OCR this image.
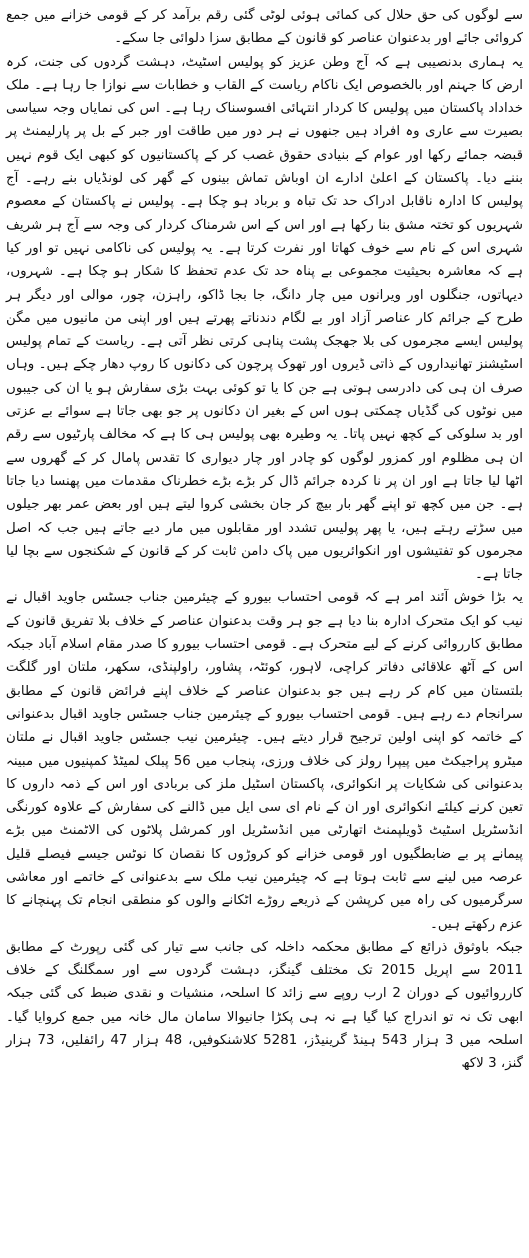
سے لوگوں کی حق حلال کی کمائی ہوئی لوٹی گئی رقم برآمد کر کے قومی خزانے میں جمع کروائی جائے اور بدعنوان عناصر کو قانون کے مطابق سزا دلوائی جا سکے۔

یہ ہماری بدنصیبی ہے کہ آج وطن عزیز کو پولیس اسٹیٹ، دہشت گردوں کی جنت، کرہ ارض کا جہنم اور بالخصوص ایک ناکام ریاست کے القاب و خطابات سے نوازا جا رہا ہے۔ ملک خداداد پاکستان میں پولیس کا کردار انتہائی افسوسناک رہا ہے۔ اس کی نمایاں وجہ سیاسی بصیرت سے عاری وہ افراد ہیں جنھوں نے ہر دور میں طاقت اور جبر کے بل پر پارلیمنٹ پر قبضہ جمائے رکھا اور عوام کے بنیادی حقوق غصب کر کے پاکستانیوں کو کبھی ایک قوم نہیں بننے دیا۔ پاکستان کے اعلیٰ ادارے ان اوباش تماش بینوں کے گھر کی لونڈیاں بنے رہے۔ آج پولیس کا ادارہ ناقابل ادراک حد تک تباہ و برباد ہو چکا ہے۔ پولیس نے پاکستان کے معصوم شہریوں کو تختہ مشق بنا رکھا ہے اور اس کے اس شرمناک کردار کی وجہ سے آج ہر شریف شہری اس کے نام سے خوف کھاتا اور نفرت کرتا ہے۔ یہ پولیس کی ناکامی نہیں تو اور کیا ہے کہ معاشرہ بحیثیت مجموعی بے پناہ حد تک عدم تحفظ کا شکار ہو چکا ہے۔ شہروں، دیہاتوں، جنگلوں اور ویرانوں میں چار دانگ، جا بجا ڈاکو، راہزن، چور، موالی اور دیگر ہر طرح کے جرائم کار عناصر آزاد اور بے لگام دندناتے پھرتے ہیں اور اپنی من مانیوں میں مگن پولیس ایسے مجرموں کی بلا جھجک پشت پناہی کرتی نظر آتی ہے۔ ریاست کے تمام پولیس اسٹیشنز تھانیداروں کے ذاتی ڈیروں اور تھوک پرچون کی دکانوں کا روپ دھار چکے ہیں۔ وہاں صرف ان ہی کی دادرسی ہوتی ہے جن کا یا تو کوئی بہت بڑی سفارش ہو یا ان کی جیبوں میں نوٹوں کی گڈیاں چمکتی ہوں اس کے بغیر ان دکانوں پر جو بھی جاتا ہے سوائے بے عزتی اور بد سلوکی کے کچھ نہیں پاتا۔ یہ وطیرہ بھی پولیس ہی کا ہے کہ مخالف پارٹیوں سے رقم ان ہی مظلوم اور کمزور لوگوں کو چادر اور چار دیواری کا تقدس پامال کر کے گھروں سے اٹھا لیا جاتا ہے اور ان پر نا کردہ جرائم ڈال کر بڑے بڑے خطرناک مقدمات میں پھنسا دیا جاتا ہے۔ جن میں کچھ تو اپنے گھر بار بیچ کر جان بخشی کروا لیتے ہیں اور بعض عمر بھر جیلوں میں سڑتے رہتے ہیں، یا پھر پولیس تشدد اور مقابلوں میں مار دیے جاتے ہیں جب کہ اصل مجرموں کو تفتیشوں اور انکوائریوں میں پاک دامن ثابت کر کے قانون کے شکنجوں سے بچا لیا جاتا ہے۔

یہ بڑا خوش آئند امر ہے کہ قومی احتساب بیورو کے چیئرمین جناب جسٹس جاوید اقبال نے نیب کو ایک متحرک ادارہ بنا دیا ہے جو ہر وقت بدعنوان عناصر کے خلاف بلا تفریق قانون کے مطابق کارروائی کرنے کے لیے متحرک ہے۔ قومی احتساب بیورو کا صدر مقام اسلام آباد جبکہ اس کے آٹھ علاقائی دفاتر کراچی، لاہور، کوئٹہ، پشاور، راولپنڈی، سکھر، ملتان اور گلگت بلتستان میں کام کر رہے ہیں جو بدعنوان عناصر کے خلاف اپنے فرائض قانون کے مطابق سرانجام دے رہے ہیں۔ قومی احتساب بیورو کے چیئرمین جناب جسٹس جاوید اقبال بدعنوانی کے خاتمہ کو اپنی اولین ترجیح قرار دیتے ہیں۔ چیئرمین نیب جسٹس جاوید اقبال نے ملتان میٹرو پراجیکٹ میں پیپرا رولز کی خلاف ورزی، پنجاب میں 56 پبلک لمیٹڈ کمپنیوں میں مبینہ بدعنوانی کی شکایات پر انکوائری، پاکستان اسٹیل ملز کی بربادی اور اس کے ذمہ داروں کا تعین کرنے کیلئے انکوائری اور ان کے نام ای سی ایل میں ڈالنے کی سفارش کے علاوہ کورنگی انڈسٹریل اسٹیٹ ڈویلپمنٹ اتھارٹی میں انڈسٹریل اور کمرشل پلاٹوں کی الاٹمنٹ میں بڑے پیمانے پر بے ضابطگیوں اور قومی خزانے کو کروڑوں کا نقصان کا نوٹس جیسے فیصلے قلیل عرصہ میں لینے سے ثابت ہوتا ہے کہ چیئرمین نیب ملک سے بدعنوانی کے خاتمے اور معاشی سرگرمیوں کی راہ میں کرپشن کے ذریعے روڑے اٹکانے والوں کو منطقی انجام تک پہنچانے کا عزم رکھتے ہیں۔

جبکہ باوثوق ذرائع کے مطابق محکمہ داخلہ کی جانب سے تیار کی گئی رپورٹ کے مطابق 2011 سے اپریل 2015 تک مختلف گینگز، دہشت گردوں سے اور سمگلنگ کے خلاف کارروائیوں کے دوران 2 ارب روپے سے زائد کا اسلحہ، منشیات و نقدی ضبط کی گئی جبکہ ابھی تک نہ تو اندراج کیا گیا ہے نہ ہی پکڑا جانیوالا سامان مال خانہ میں جمع کروایا گیا۔ اسلحہ میں 3 ہزار 543 ہینڈ گرینیڈز، 5281 کلاشنکوفیں، 48 ہزار 47 رائفلیں، 73 ہزار گنز، 3 لاکھ
